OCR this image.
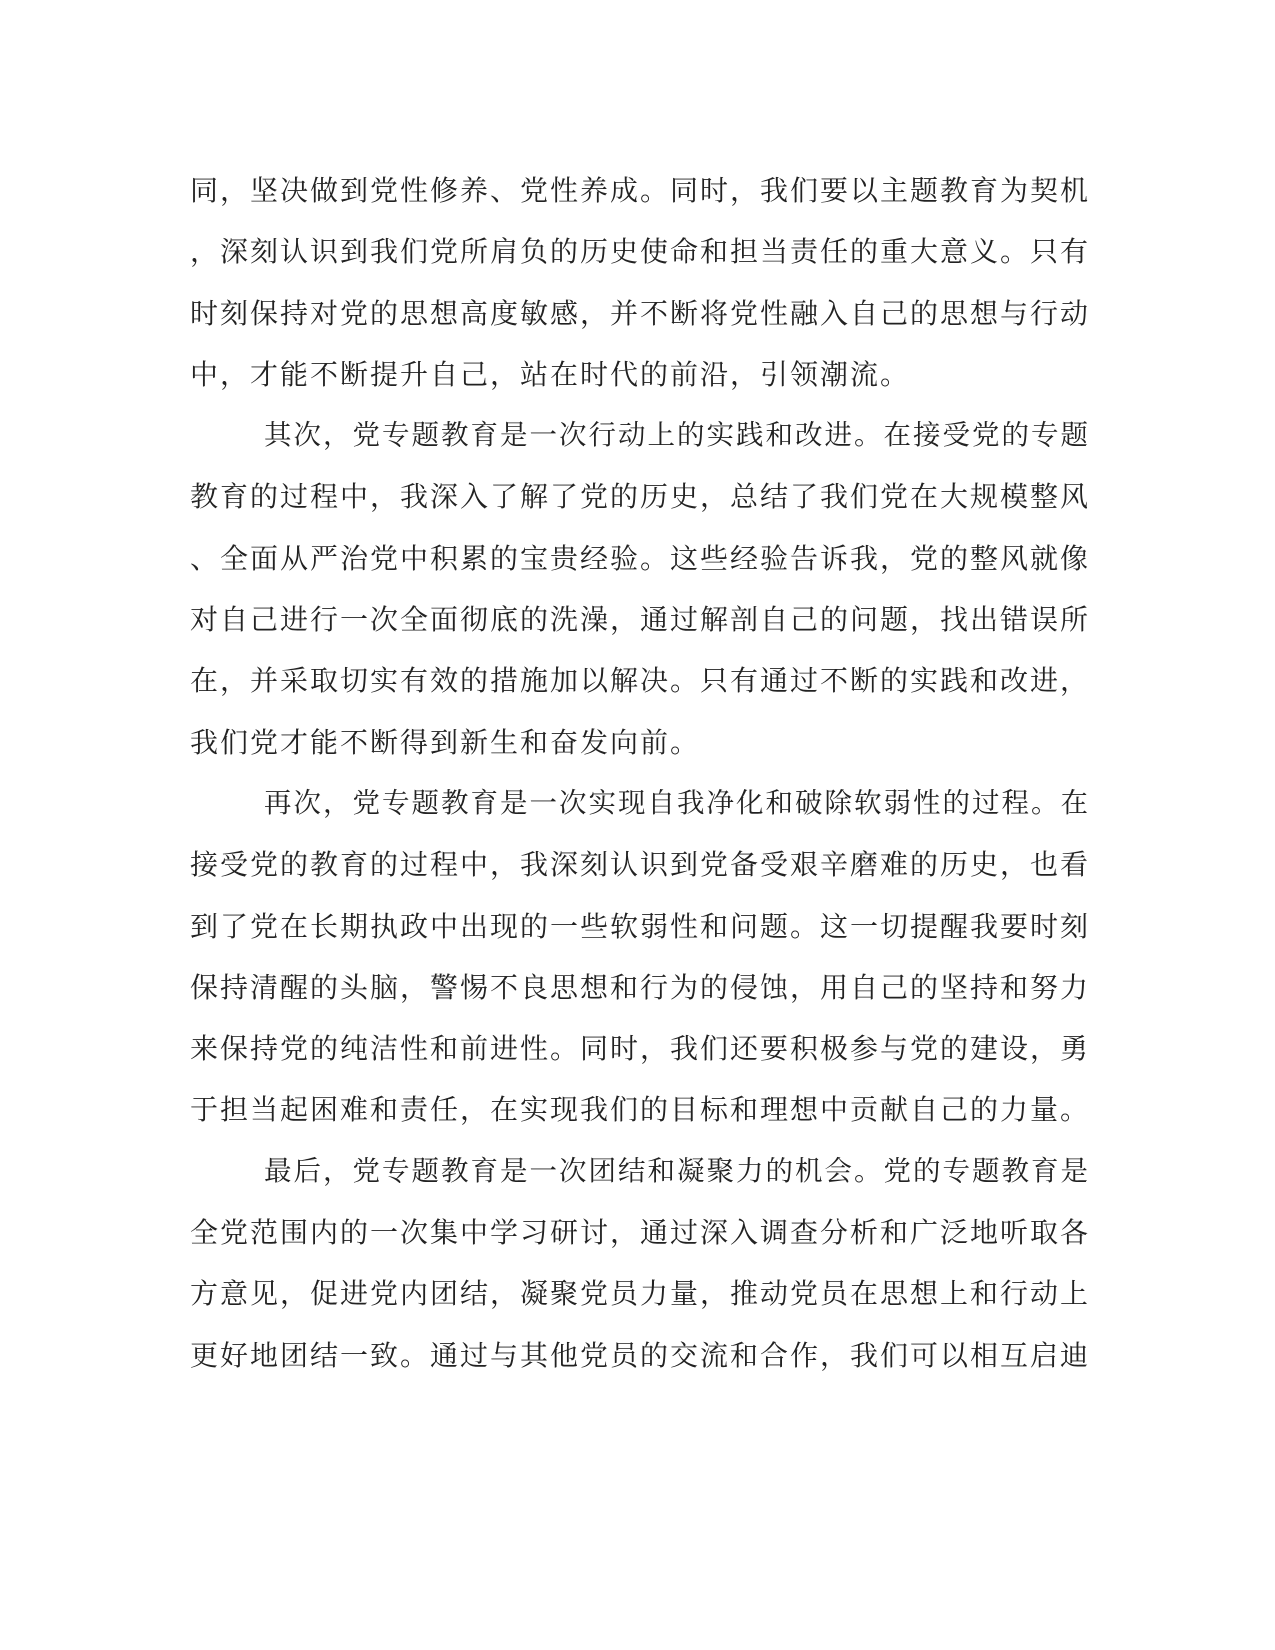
同，坚决做到党性修养、党性养成。同时，我们要以主题教育为契机
，深刻认识到我们党所肩负的历史使命和担当责任的重大意义。只有
时刻保持对党的思想高度敏感，并不断将党性融入自己的思想与行动
中，才能不断提升自己，站在时代的前沿，引领潮流。
其次，党专题教育是一次行动上的实践和改进。在接受党的专题
教育的过程中，我深入了解了党的历史，总结了我们党在大规模整风
、全面从严治党中积累的宝贵经验。这些经验告诉我，党的整风就像
对自己进行一次全面彻底的洗澡，通过解剖自己的问题，找出错误所
在，并采取切实有效的措施加以解决。只有通过不断的实践和改进，
我们党才能不断得到新生和奋发向前。
再次，党专题教育是一次实现自我净化和破除软弱性的过程。在
接受党的教育的过程中，我深刻认识到党备受艰辛磨难的历史，也看
到了党在长期执政中出现的一些软弱性和问题。这一切提醒我要时刻
保持清醒的头脑，警惕不良思想和行为的侵蚀，用自己的坚持和努力
来保持党的纯洁性和前进性。同时，我们还要积极参与党的建设，勇
于担当起困难和责任，在实现我们的目标和理想中贡献自己的力量。
最后，党专题教育是一次团结和凝聚力的机会。党的专题教育是
全党范围内的一次集中学习研讨，通过深入调查分析和广泛地听取各
方意见，促进党内团结，凝聚党员力量，推动党员在思想上和行动上
更好地团结一致。通过与其他党员的交流和合作，我们可以相互启迪
